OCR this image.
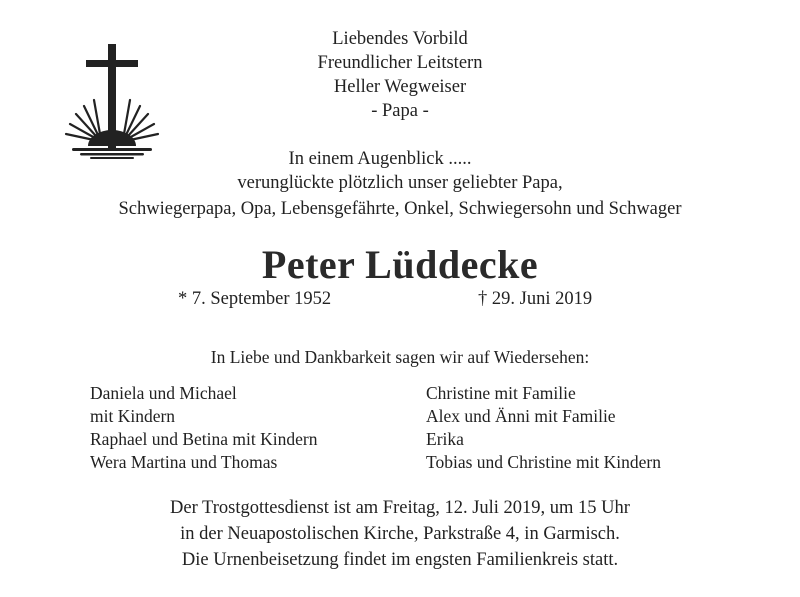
Liebendes Vorbild
Freundlicher Leitstern
Heller Wegweiser
- Papa -
In einem Augenblick .....
verunglückte plötzlich unser geliebter Papa,
Schwiegerpapa, Opa, Lebensgefährte, Onkel, Schwiegersohn und Schwager
Peter Lüddecke
* 7. September 1952	† 29. Juni 2019
In Liebe und Dankbarkeit sagen wir auf Wiedersehen:
Daniela und Michael
mit Kindern
Raphael und Betina mit Kindern
Wera Martina und Thomas
Christine mit Familie
Alex und Änni mit Familie
Erika
Tobias und Christine mit Kindern
Der Trostgottesdienst ist am Freitag, 12. Juli 2019, um 15 Uhr
in der Neuapostolischen Kirche, Parkstraße 4, in Garmisch.
Die Urnenbeisetzung findet im engsten Familienkreis statt.
